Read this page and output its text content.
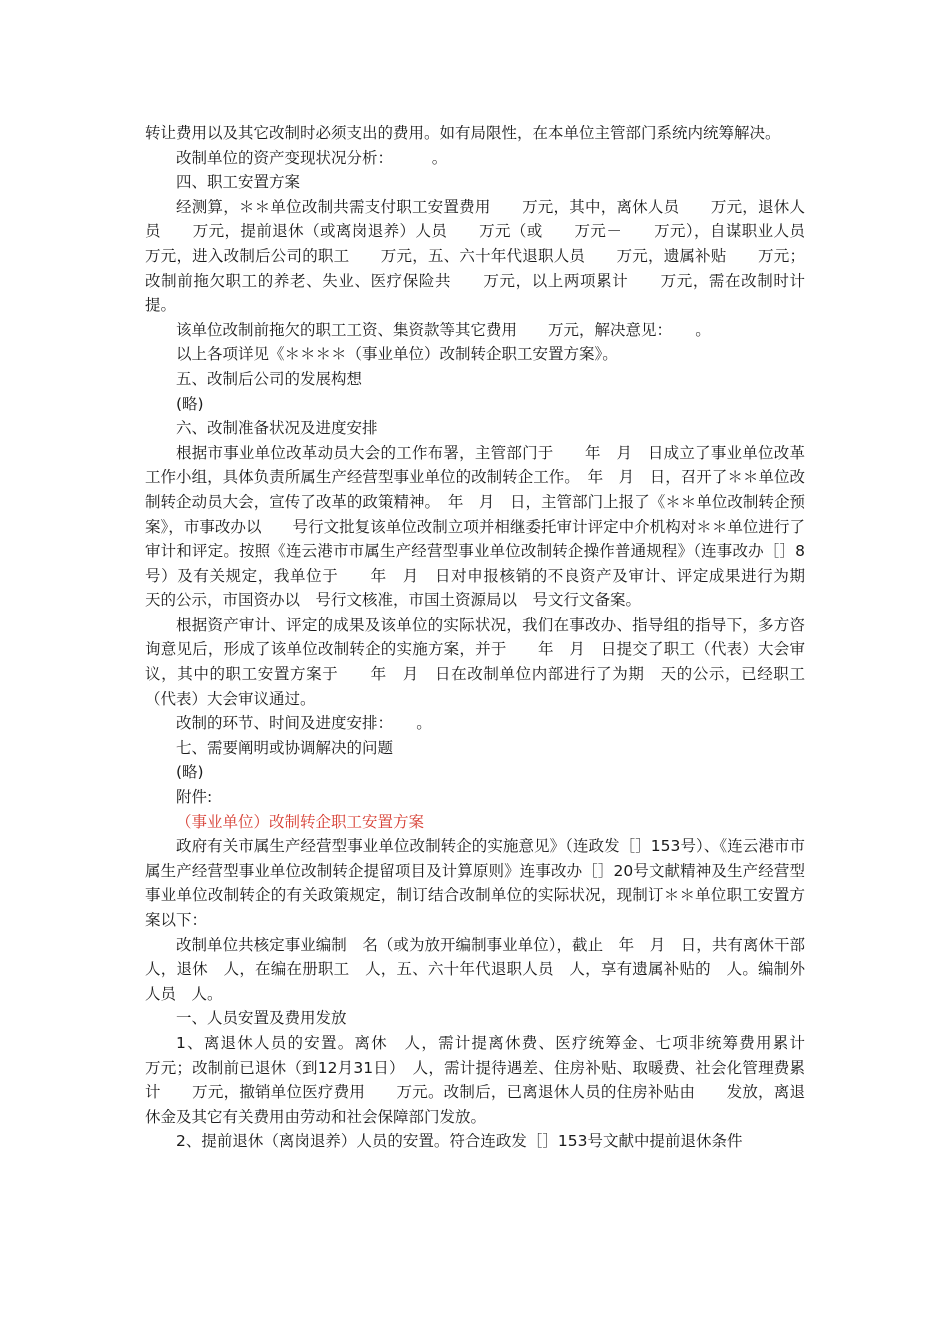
转让费用以及其它改制时必须支出的费用。如有局限性，在本单位主管部门系统内统筹解决。

改制单位的资产变现状况分析：　　　。

四、职工安置方案

经测算，＊＊单位改制共需支付职工安置费用　　万元，其中，离休人员　　万元，退休人员　　万元，提前退休（或离岗退养）人员　　万元（或　　万元－　　万元），自谋职业人员　　万元，进入改制后公司的职工　　万元，五、六十年代退职人员　　万元，遗属补贴　　万元；改制前拖欠职工的养老、失业、医疗保险共　　万元，以上两项累计　　万元，需在改制时计提。

该单位改制前拖欠的职工工资、集资款等其它费用　　万元，解决意见：　　。

以上各项详见《＊＊＊＊（事业单位）改制转企职工安置方案》。

五、改制后公司的发展构想

(略)

六、改制准备状况及进度安排

根据市事业单位改革动员大会的工作布署，主管部门于　　年　月　日成立了事业单位改革工作小组，具体负责所属生产经营型事业单位的改制转企工作。　年　月　日，召开了＊＊单位改制转企动员大会，宣传了改革的政策精神。　年　月　日，主管部门上报了《＊＊单位改制转企预案》，市事改办以　　号行文批复该单位改制立项并相继委托审计评定中介机构对＊＊单位进行了审计和评定。按照《连云港市市属生产经营型事业单位改制转企操作普通规程》（连事改办［］8号）及有关规定，我单位于　　年　月　日对申报核销的不良资产及审计、评定成果进行为期　天的公示，市国资办以　号行文核准，市国土资源局以　号文行文备案。

根据资产审计、评定的成果及该单位的实际状况，我们在事改办、指导组的指导下，多方咨询意见后，形成了该单位改制转企的实施方案，并于　　年　月　日提交了职工（代表）大会审议，其中的职工安置方案于　　年　月　日在改制单位内部进行了为期　天的公示，已经职工（代表）大会审议通过。

改制的环节、时间及进度安排：　　。

七、需要阐明或协调解决的问题

(略)

附件:

（事业单位）改制转企职工安置方案

政府有关市属生产经营型事业单位改制转企的实施意见》（连政发［］153号）、《连云港市市属生产经营型事业单位改制转企提留项目及计算原则》连事改办［］20号文献精神及生产经营型事业单位改制转企的有关政策规定，制订结合改制单位的实际状况，现制订＊＊单位职工安置方案以下：

改制单位共核定事业编制　名（或为放开编制事业单位），截止　年　月　日，共有离休干部　人，退休　人，在编在册职工　人，五、六十年代退职人员　人，享有遗属补贴的　人。编制外人员　人。

一、人员安置及费用发放

1、离退休人员的安置。离休　人，需计提离休费、医疗统筹金、七项非统筹费用累计　　万元；改制前已退休（到12月31日）　人，需计提待遇差、住房补贴、取暖费、社会化管理费累计　　万元，撤销单位医疗费用　　万元。改制后，已离退休人员的住房补贴由　　发放，离退休金及其它有关费用由劳动和社会保障部门发放。

2、提前退休（离岗退养）人员的安置。符合连政发［］153号文献中提前退休条件
